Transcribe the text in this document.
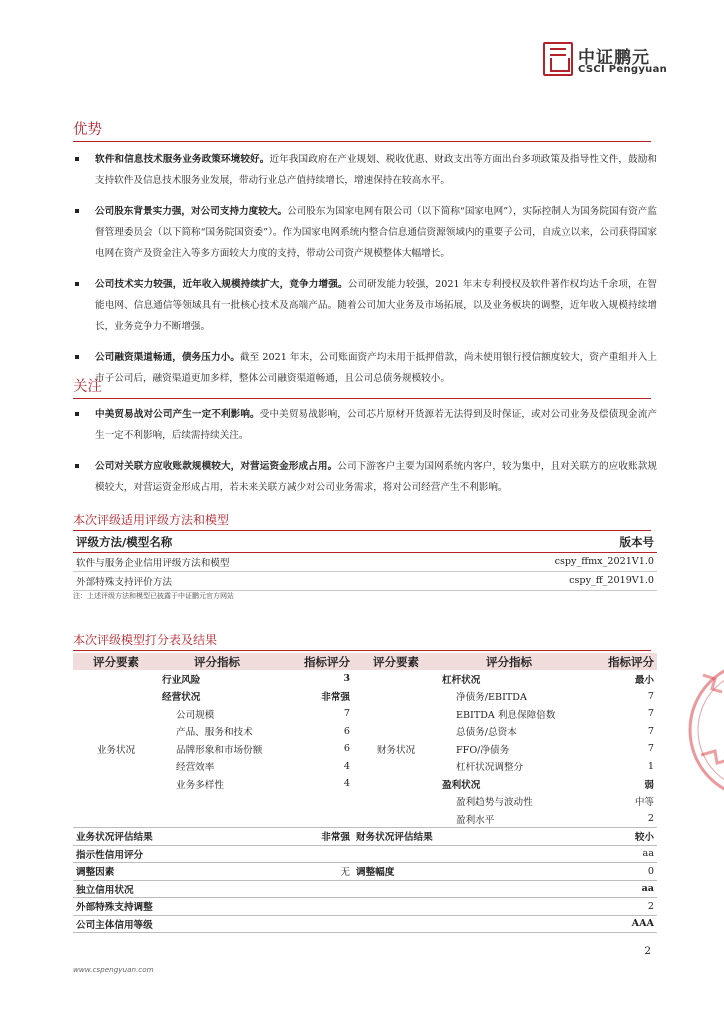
中证鹏元
CSCI Pengyuan
优势
软件和信息技术服务业务政策环境较好。近年我国政府在产业规划、税收优惠、财政支出等方面出台多项政策及指导性文件，鼓励和支持软件及信息技术服务业发展，带动行业总产值持续增长，增速保持在较高水平。
公司股东背景实力强，对公司支持力度较大。公司股东为国家电网有限公司（以下简称“国家电网”），实际控制人为国务院国有资产监督管理委员会（以下简称“国务院国资委”）。作为国家电网系统内整合信息通信资源领域内的重要子公司，自成立以来，公司获得国家电网在资产及资金注入等多方面较大力度的支持，带动公司资产规模整体大幅增长。
公司技术实力较强，近年收入规模持续扩大，竞争力增强。公司研发能力较强，2021 年末专利授权及软件著作权均达千余项，在智能电网、信息通信等领域具有一批核心技术及高端产品。随着公司加大业务及市场拓展，以及业务板块的调整，近年收入规模持续增长，业务竞争力不断增强。
公司融资渠道畅通，债务压力小。截至 2021 年末，公司账面资产均未用于抵押借款，尚未使用银行授信额度较大，资产重组并入上市子公司后，融资渠道更加多样，整体公司融资渠道畅通，且公司总债务规模较小。
关注
中美贸易战对公司产生一定不利影响。受中美贸易战影响，公司芯片原材开货源若无法得到及时保证，或对公司业务及偿债现金流产生一定不利影响，后续需持续关注。
公司对关联方应收账款规模较大，对营运资金形成占用。公司下游客户主要为国网系统内客户，较为集中，且对关联方的应收账款规模较大，对营运资金形成占用，若未来关联方减少对公司业务需求，将对公司经营产生不利影响。
本次评级适用评级方法和模型
评级方法/模型名称	版本号
软件与服务企业信用评级方法和模型	cspy_ffmx_2021V1.0
外部特殊支持评价方法	cspy_ff_2019V1.0
注：上述评级方法和模型已披露于中证鹏元官方网站
本次评级模型打分表及结果
评分要素	评分指标	指标评分	评分要素	评分指标	指标评分
业务状况	行业风险	3	财务状况	杠杆状况	最小
	经营状况	非常强		净债务/EBITDA	7
	公司规模	7		EBITDA 利息保障倍数	7
	产品、服务和技术	6		总债务/总资本	7
	品牌形象和市场份额	6		FFO/净债务	7
	经营效率	4		杠杆状况调整分	1
	业务多样性	4		盈利状况	弱
				盈利趋势与波动性	中等
				盈利水平	2
业务状况评估结果		非常强	财务状况评估结果		较小
指示性信用评分					aa
调整因素		无	调整幅度		0
独立信用状况					aa
外部特殊支持调整					2
公司主体信用等级					AAA
2
www.cspengyuan.com
